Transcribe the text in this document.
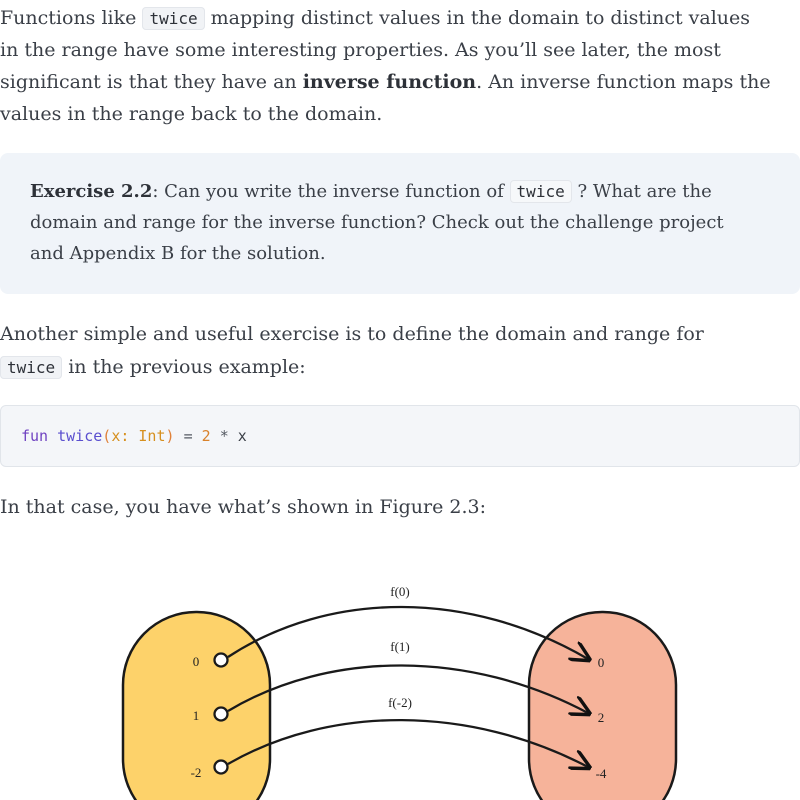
Functions like twice mapping distinct values in the domain to distinct values

in the range have some interesting properties. As you’ll see later, the most

significant is that they have an inverse function. An inverse function maps the

values in the range back to the domain.

Exercise 2.2: Can you write the inverse function of twice ? What are the
domain and range for the inverse function? Check out the challenge project
and Appendix B for the solution.

Another simple and useful exercise is to define the domain and range for

twice in the previous example:

fun twice(x: Int) = 2 * x

In that case, you have what’s shown in Figure 2.3:

0
1
-2
0
2
-4
f(0)
f(1)
f(-2)
